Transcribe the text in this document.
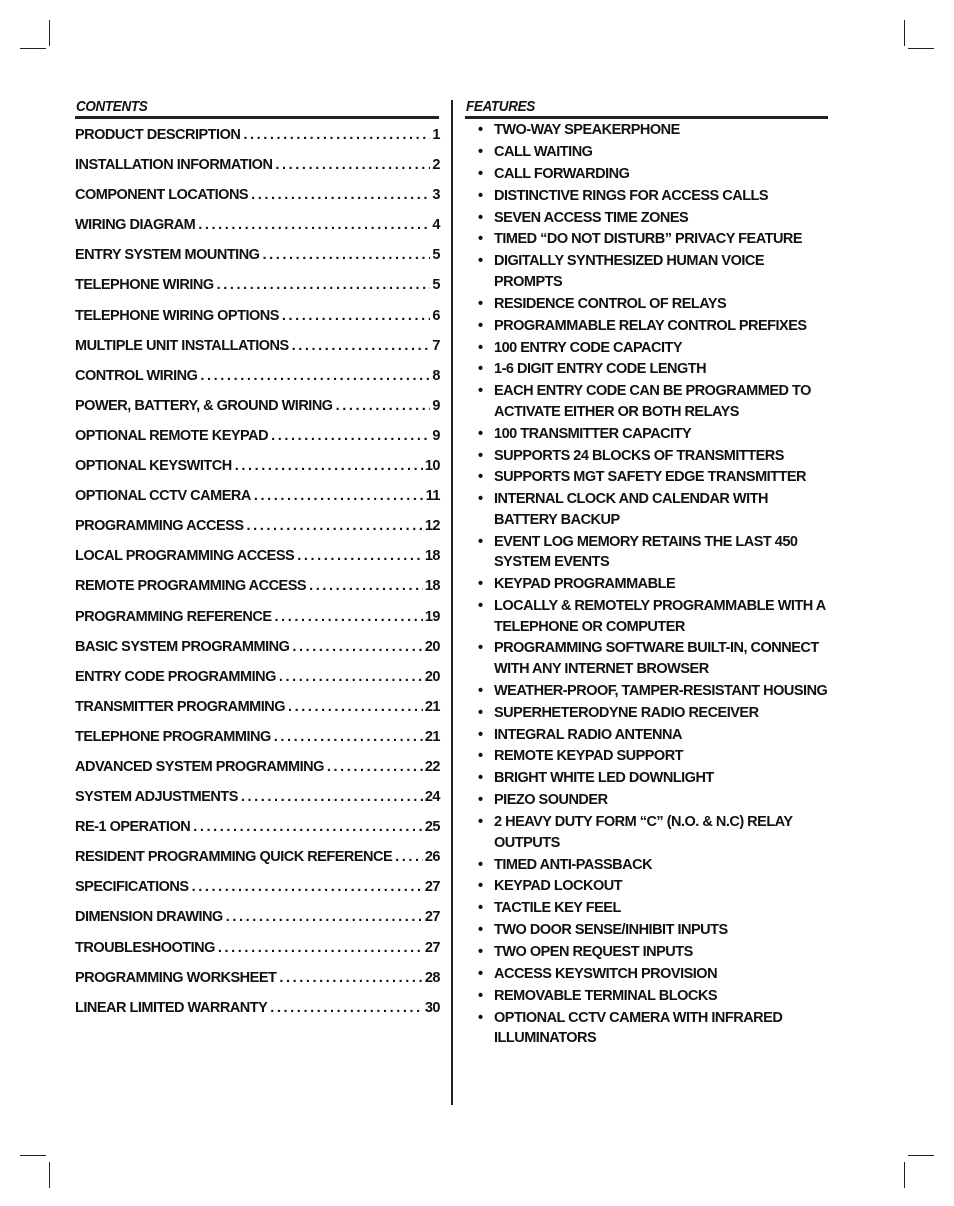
CONTENTS
PRODUCT DESCRIPTION .....	1
INSTALLATION INFORMATION .....	2
COMPONENT LOCATIONS .....	3
WIRING DIAGRAM .....	4
ENTRY SYSTEM MOUNTING .....	5
TELEPHONE WIRING .....	5
TELEPHONE WIRING OPTIONS .....	6
MULTIPLE UNIT INSTALLATIONS .....	7
CONTROL WIRING .....	8
POWER, BATTERY, & GROUND WIRING .....	9
OPTIONAL REMOTE KEYPAD .....	9
OPTIONAL KEYSWITCH .....	10
OPTIONAL CCTV CAMERA .....	11
PROGRAMMING ACCESS .....	12
LOCAL PROGRAMMING ACCESS .....	18
REMOTE PROGRAMMING ACCESS .....	18
PROGRAMMING REFERENCE .....	19
BASIC SYSTEM PROGRAMMING .....	20
ENTRY CODE PROGRAMMING .....	20
TRANSMITTER PROGRAMMING .....	21
TELEPHONE PROGRAMMING .....	21
ADVANCED SYSTEM PROGRAMMING .....	22
SYSTEM ADJUSTMENTS .....	24
RE-1 OPERATION .....	25
RESIDENT PROGRAMMING QUICK REFERENCE ..... 26
SPECIFICATIONS .....	27
DIMENSION DRAWING .....	27
TROUBLESHOOTING .....	27
PROGRAMMING WORKSHEET .....	28
LINEAR LIMITED WARRANTY .....	30
FEATURES
• TWO-WAY SPEAKERPHONE
• CALL WAITING
• CALL FORWARDING
• DISTINCTIVE RINGS FOR ACCESS CALLS
• SEVEN ACCESS TIME ZONES
• TIMED “DO NOT DISTURB” PRIVACY FEATURE
• DIGITALLY SYNTHESIZED HUMAN VOICE PROMPTS
• RESIDENCE CONTROL OF RELAYS
• PROGRAMMABLE RELAY CONTROL PREFIXES
• 100 ENTRY CODE CAPACITY
• 1-6 DIGIT ENTRY CODE LENGTH
• EACH ENTRY CODE CAN BE PROGRAMMED TO ACTIVATE EITHER OR BOTH RELAYS
• 100 TRANSMITTER CAPACITY
• SUPPORTS 24 BLOCKS OF TRANSMITTERS
• SUPPORTS MGT SAFETY EDGE TRANSMITTER
• INTERNAL CLOCK AND CALENDAR WITH BATTERY BACKUP
• EVENT LOG MEMORY RETAINS THE LAST 450 SYSTEM EVENTS
• KEYPAD PROGRAMMABLE
• LOCALLY & REMOTELY PROGRAMMABLE WITH A TELEPHONE OR COMPUTER
• PROGRAMMING SOFTWARE BUILT-IN, CONNECT WITH ANY INTERNET BROWSER
• WEATHER-PROOF, TAMPER-RESISTANT HOUSING
• SUPERHETERODYNE RADIO RECEIVER
• INTEGRAL RADIO ANTENNA
• REMOTE KEYPAD SUPPORT
• BRIGHT WHITE LED DOWNLIGHT
• PIEZO SOUNDER
• 2 HEAVY DUTY FORM “C” (N.O. & N.C) RELAY OUTPUTS
• TIMED ANTI-PASSBACK
• KEYPAD LOCKOUT
• TACTILE KEY FEEL
• TWO DOOR SENSE/INHIBIT INPUTS
• TWO OPEN REQUEST INPUTS
• ACCESS KEYSWITCH PROVISION
• REMOVABLE TERMINAL BLOCKS
• OPTIONAL CCTV CAMERA WITH INFRARED ILLUMINATORS
